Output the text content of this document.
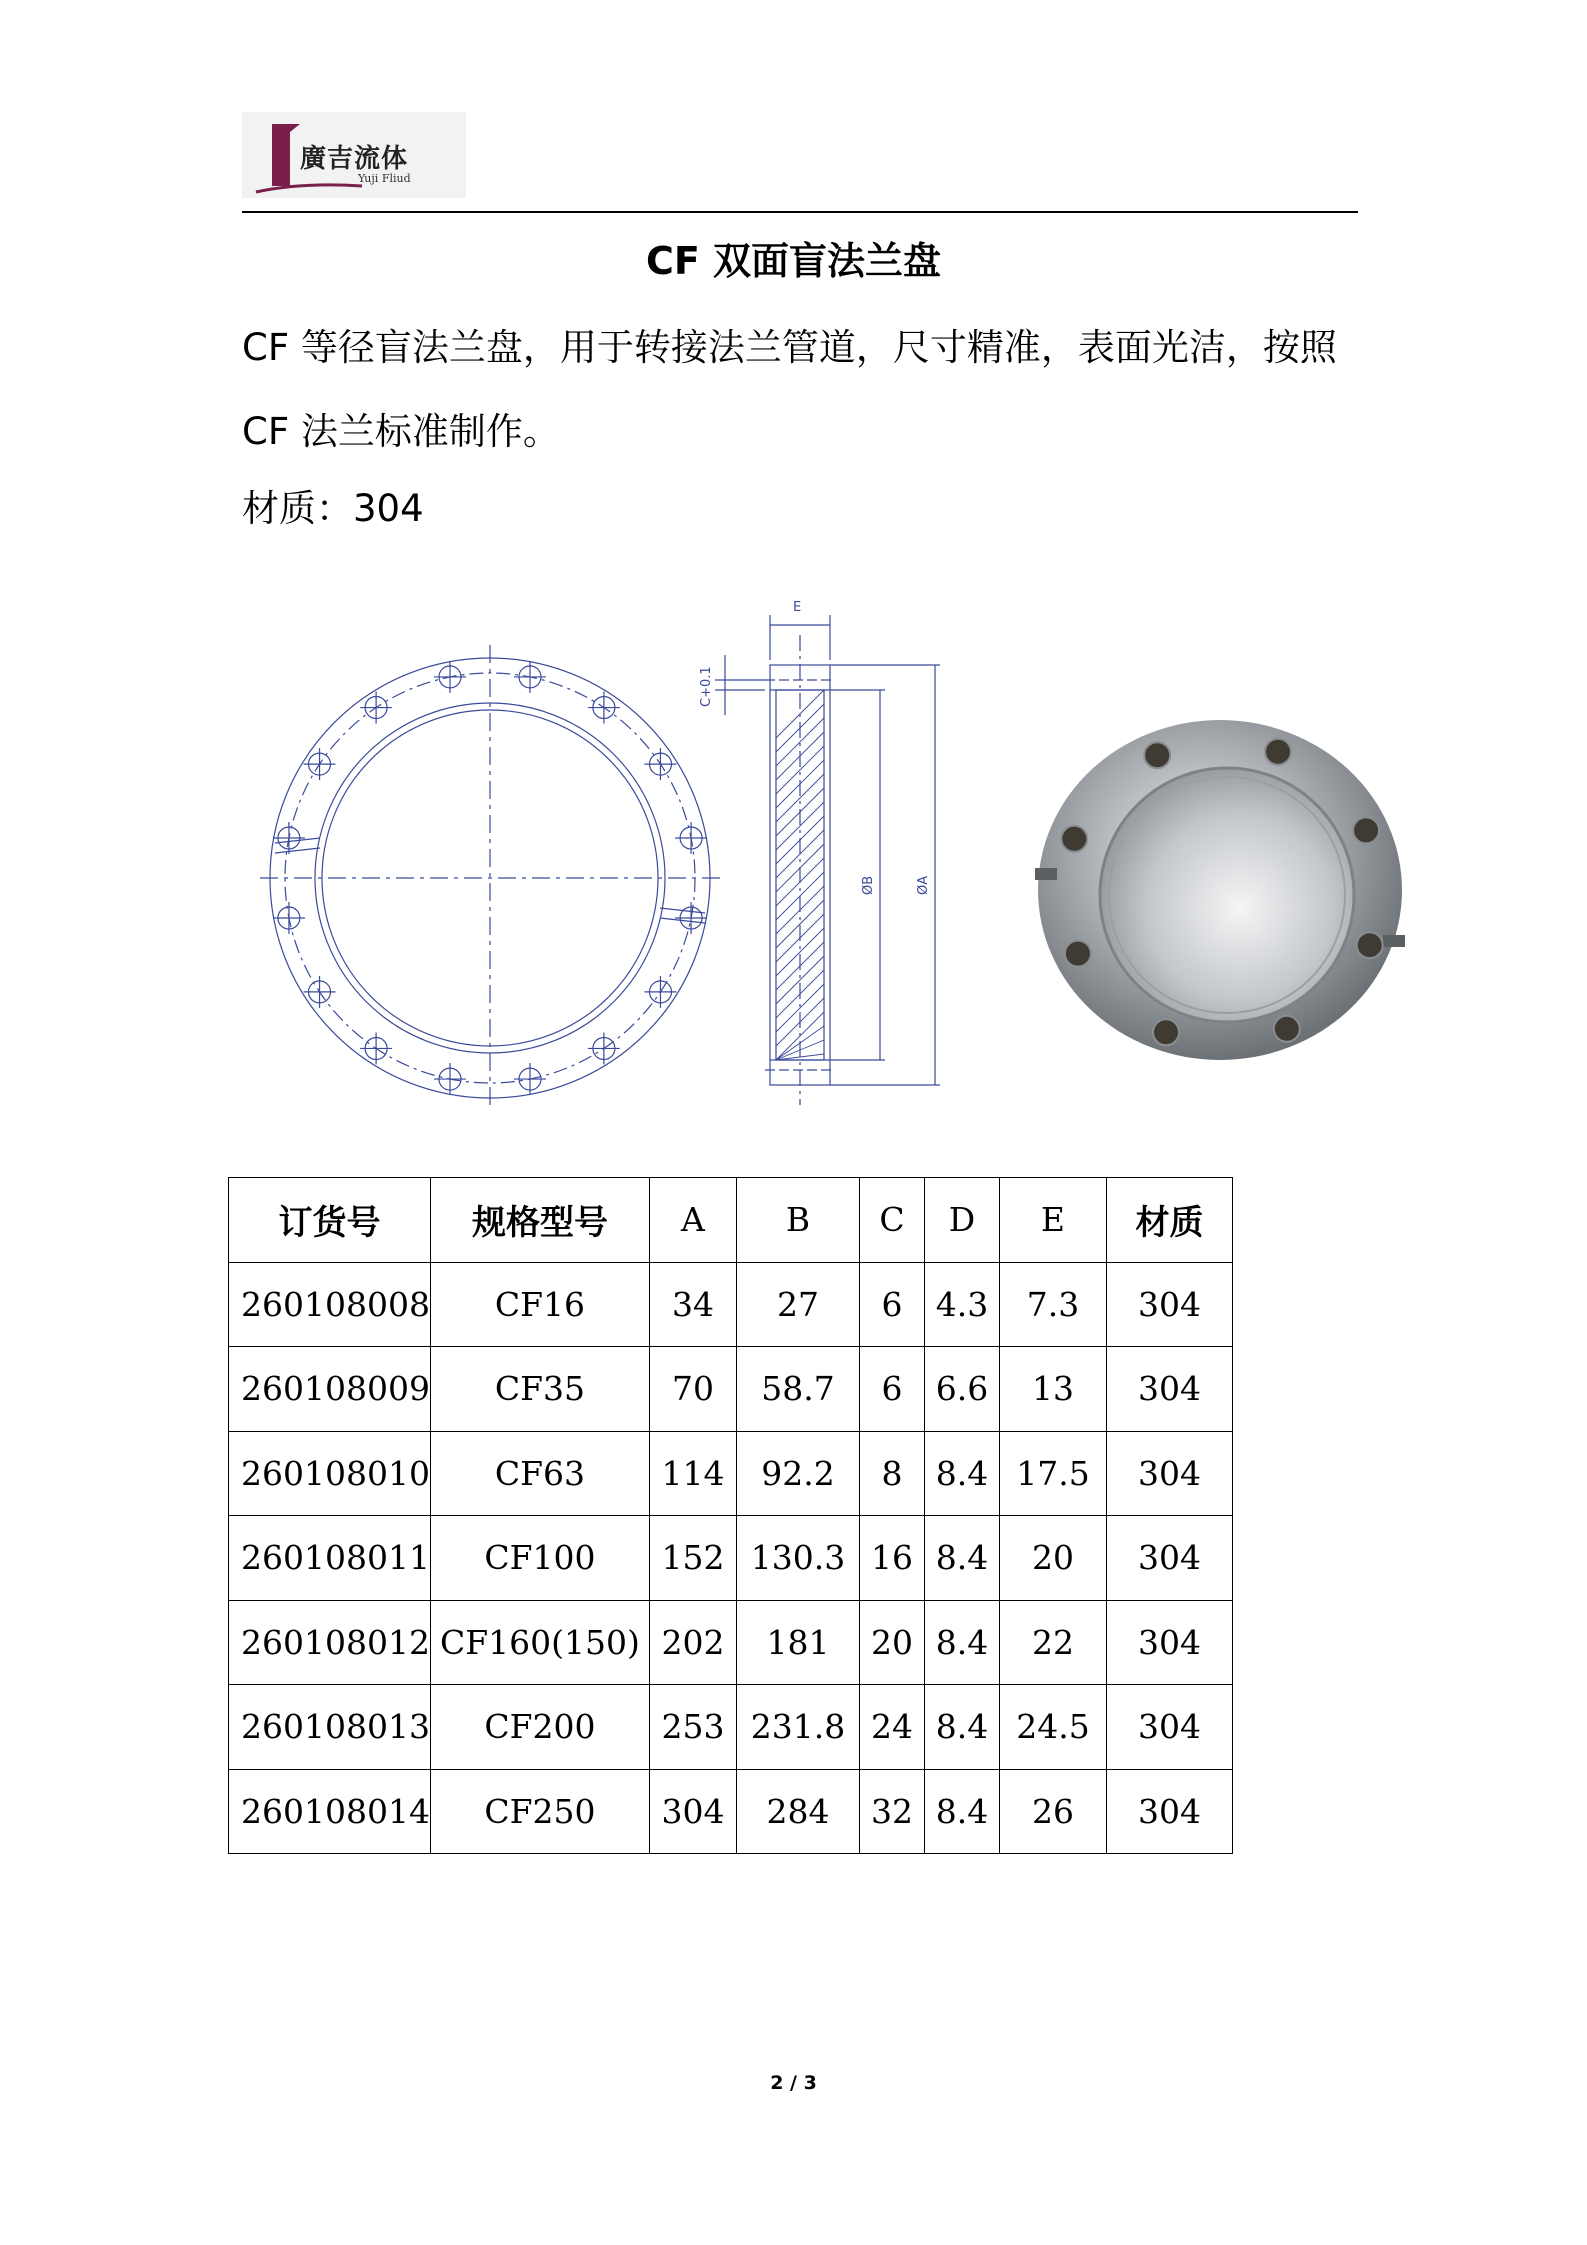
廣吉流体
Yuji Fliud
CF 双面盲法兰盘

CF 等径盲法兰盘，用于转接法兰管道，尺寸精准，表面光洁，按照 CF 法兰标准制作。

材质：304
E
C+0.1
ØB	ØA
订货号	规格型号	A	B	C	D	E	材质
260108008	CF16	34	27	6	4.3	7.3	304
260108009	CF35	70	58.7	6	6.6	13	304
260108010	CF63	114	92.2	8	8.4	17.5	304
260108011	CF100	152	130.3	16	8.4	20	304
260108012	CF160(150)	202	181	20	8.4	22	304
260108013	CF200	253	231.8	24	8.4	24.5	304
260108014	CF250	304	284	32	8.4	26	304
2 / 3
